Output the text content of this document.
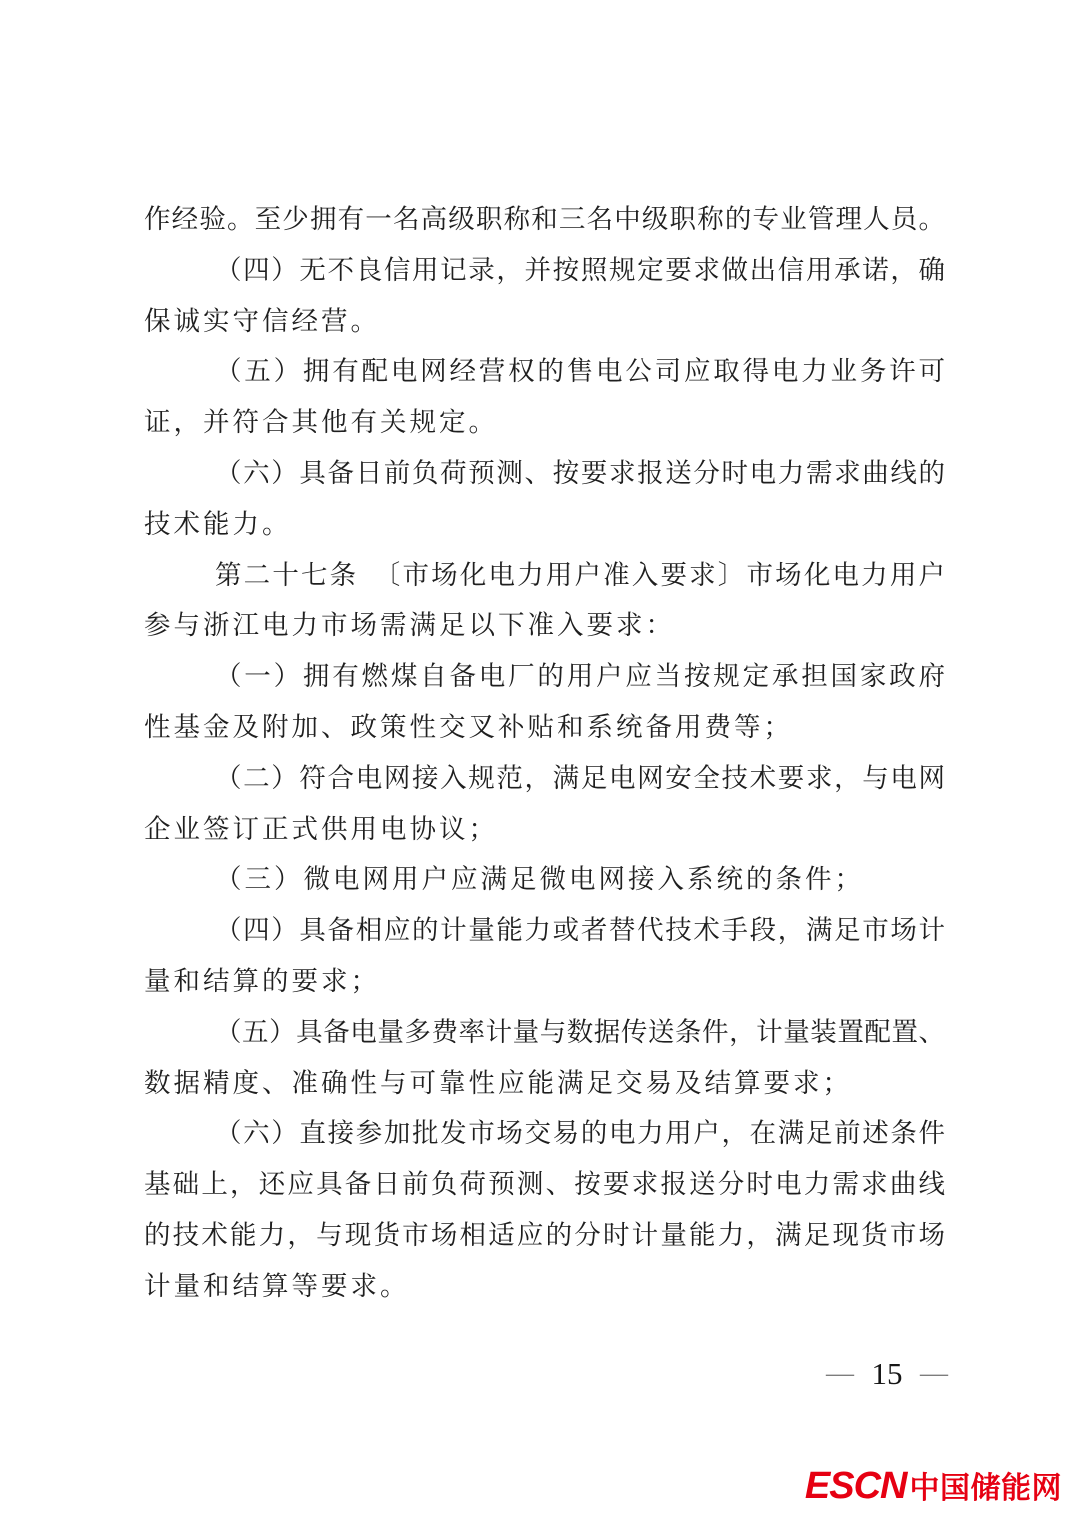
作经验。至少拥有一名高级职称和三名中级职称的专业管理人员。
（四）无不良信用记录，并按照规定要求做出信用承诺，确
保诚实守信经营。
（五）拥有配电网经营权的售电公司应取得电力业务许可
证，并符合其他有关规定。
（六）具备日前负荷预测、按要求报送分时电力需求曲线的
技术能力。
第二十七条　〔市场化电力用户准入要求〕市场化电力用户
参与浙江电力市场需满足以下准入要求：
（一）拥有燃煤自备电厂的用户应当按规定承担国家政府
性基金及附加、政策性交叉补贴和系统备用费等；
（二）符合电网接入规范，满足电网安全技术要求，与电网
企业签订正式供用电协议；
（三）微电网用户应满足微电网接入系统的条件；
（四）具备相应的计量能力或者替代技术手段，满足市场计
量和结算的要求；
（五）具备电量多费率计量与数据传送条件，计量装置配置、
数据精度、准确性与可靠性应能满足交易及结算要求；
（六）直接参加批发市场交易的电力用户，在满足前述条件
基础上，还应具备日前负荷预测、按要求报送分时电力需求曲线
的技术能力，与现货市场相适应的分时计量能力，满足现货市场
计量和结算等要求。
— 15 —
ESCN 中国储能网
